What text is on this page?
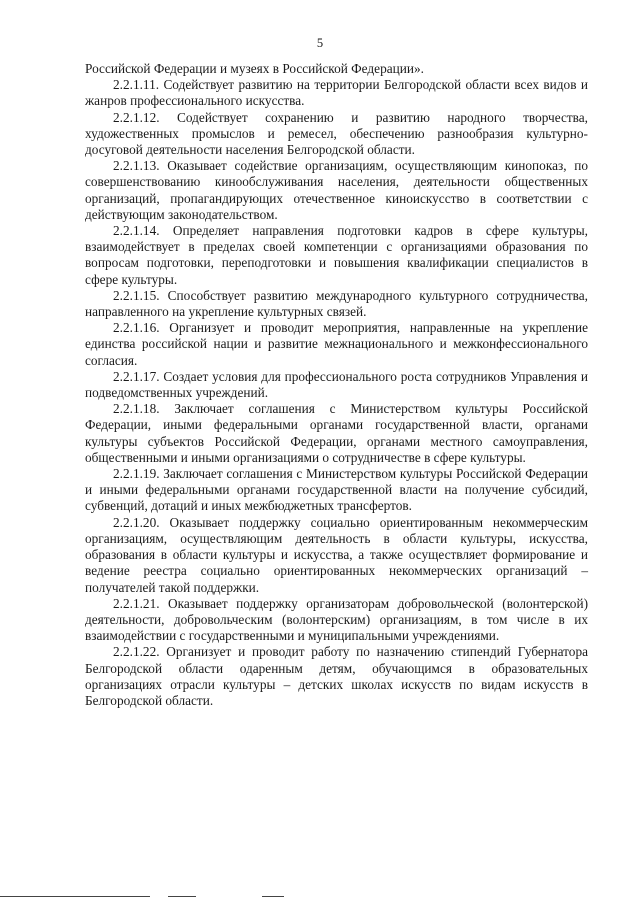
5

Российской Федерации и музеях в Российской Федерации».

2.2.1.11. Содействует развитию на территории Белгородской области всех видов и жанров профессионального искусства.

2.2.1.12. Содействует сохранению и развитию народного творчества, художественных промыслов и ремесел, обеспечению разнообразия культурно-досуговой деятельности населения Белгородской области.

2.2.1.13. Оказывает содействие организациям, осуществляющим кинопоказ, по совершенствованию кинообслуживания населения, деятельности общественных организаций, пропагандирующих отечественное киноискусство в соответствии с действующим законодательством.

2.2.1.14. Определяет направления подготовки кадров в сфере культуры, взаимодействует в пределах своей компетенции с организациями образования по вопросам подготовки, переподготовки и повышения квалификации специалистов в сфере культуры.

2.2.1.15. Способствует развитию международного культурного сотрудничества, направленного на укрепление культурных связей.

2.2.1.16. Организует и проводит мероприятия, направленные на укрепление единства российской нации и развитие межнационального и межконфессионального согласия.

2.2.1.17. Создает условия для профессионального роста сотрудников Управления и подведомственных учреждений.

2.2.1.18. Заключает соглашения с Министерством культуры Российской Федерации, иными федеральными органами государственной власти, органами культуры субъектов Российской Федерации, органами местного самоуправления, общественными и иными организациями о сотрудничестве в сфере культуры.

2.2.1.19. Заключает соглашения с Министерством культуры Российской Федерации и иными федеральными органами государственной власти на получение субсидий, субвенций, дотаций и иных межбюджетных трансфертов.

2.2.1.20. Оказывает поддержку социально ориентированным некоммерческим организациям, осуществляющим деятельность в области культуры, искусства, образования в области культуры и искусства, а также осуществляет формирование и ведение реестра социально ориентированных некоммерческих организаций – получателей такой поддержки.

2.2.1.21. Оказывает поддержку организаторам добровольческой (волонтерской) деятельности, добровольческим (волонтерским) организациям, в том числе в их взаимодействии с государственными и муниципальными учреждениями.

2.2.1.22. Организует и проводит работу по назначению стипендий Губернатора Белгородской области одаренным детям, обучающимся в образовательных организациях отрасли культуры – детских школах искусств по видам искусств в Белгородской области.
